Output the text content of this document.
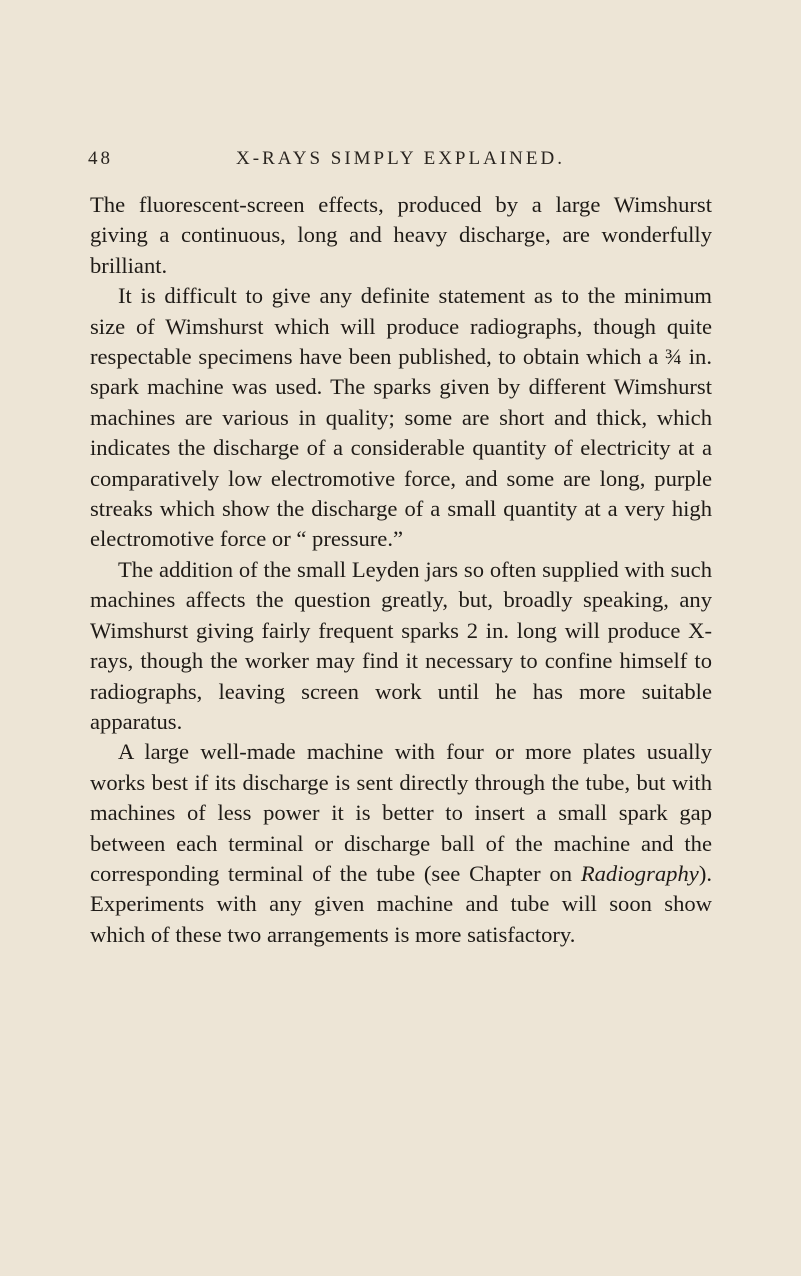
48	X-RAYS SIMPLY EXPLAINED.

The fluorescent-screen effects, produced by a large Wimshurst giving a continuous, long and heavy discharge, are wonderfully brilliant.

It is difficult to give any definite statement as to the minimum size of Wimshurst which will produce radiographs, though quite respectable specimens have been published, to obtain which a ¾ in. spark machine was used. The sparks given by different Wimshurst machines are various in quality; some are short and thick, which indicates the discharge of a considerable quantity of electricity at a comparatively low electromotive force, and some are long, purple streaks which show the discharge of a small quantity at a very high electromotive force or “ pressure.”

The addition of the small Leyden jars so often supplied with such machines affects the question greatly, but, broadly speaking, any Wimshurst giving fairly frequent sparks 2 in. long will produce X-rays, though the worker may find it necessary to confine himself to radiographs, leaving screen work until he has more suitable apparatus.

A large well-made machine with four or more plates usually works best if its discharge is sent directly through the tube, but with machines of less power it is better to insert a small spark gap between each terminal or discharge ball of the machine and the corresponding terminal of the tube (see Chapter on Radiography). Experiments with any given machine and tube will soon show which of these two arrangements is more satisfactory.
